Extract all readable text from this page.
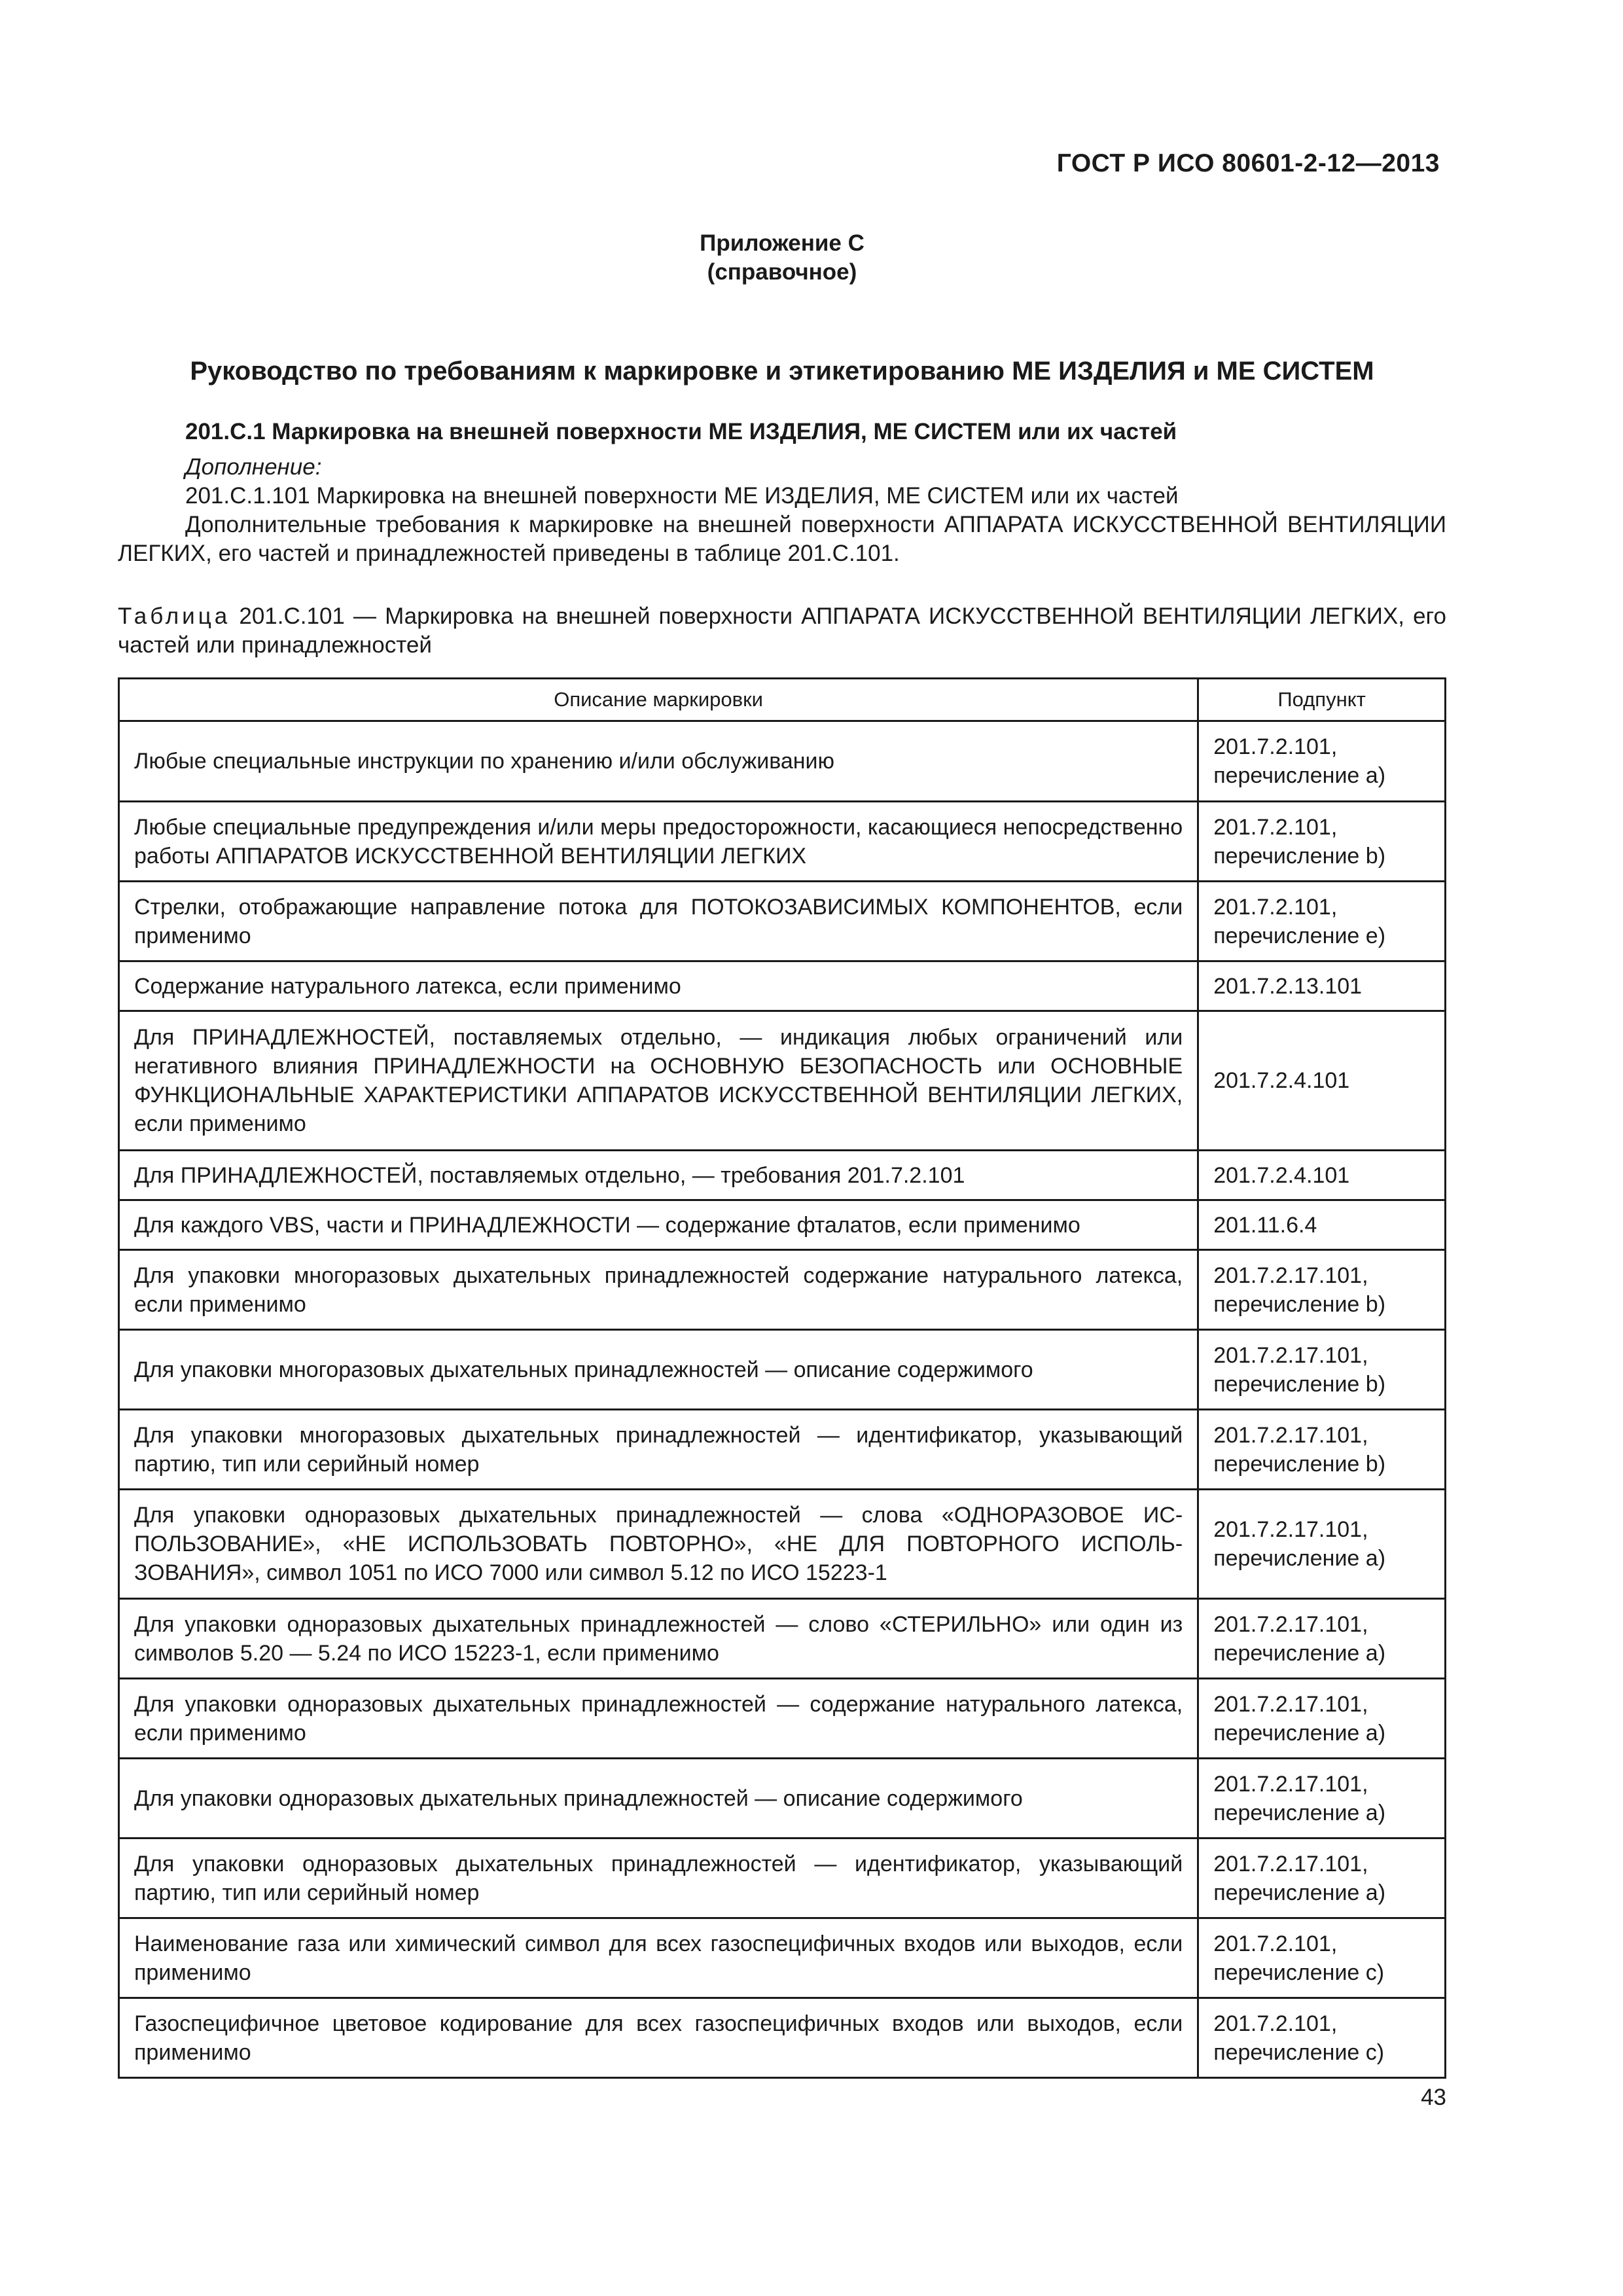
ГОСТ Р ИСО 80601-2-12—2013
Приложение С
(справочное)
Руководство по требованиям к маркировке и этикетированию МЕ ИЗДЕЛИЯ и МЕ СИСТЕМ
201.С.1 Маркировка на внешней поверхности МЕ ИЗДЕЛИЯ, МЕ СИСТЕМ или их частей
Дополнение:
201.С.1.101 Маркировка на внешней поверхности МЕ ИЗДЕЛИЯ, МЕ СИСТЕМ или их частей
Дополнительные требования к маркировке на внешней поверхности АППАРАТА ИСКУССТВЕННОЙ ВЕНТИЛЯЦИИ ЛЕГКИХ, его частей и принадлежностей приведены в таблице 201.С.101.
Таблица 201.С.101 — Маркировка на внешней поверхности АППАРАТА ИСКУССТВЕННОЙ ВЕНТИЛЯЦИИ ЛЕГКИХ, его частей или принадлежностей
Описание маркировки	Подпункт
Любые специальные инструкции по хранению и/или обслуживанию	201.7.2.101, перечисление а)
Любые специальные предупреждения и/или меры предосторожности, касающиеся непосредственно работы АППАРАТОВ ИСКУССТВЕННОЙ ВЕНТИЛЯЦИИ ЛЕГКИХ	201.7.2.101, перечисление b)
Стрелки, отображающие направление потока для ПОТОКОЗАВИСИМЫХ КОМПОНЕНТОВ, если применимо	201.7.2.101, перечисление е)
Содержание натурального латекса, если применимо	201.7.2.13.101
Для ПРИНАДЛЕЖНОСТЕЙ, поставляемых отдельно, — индикация любых ограничений или негативного влияния ПРИНАДЛЕЖНОСТИ на ОСНОВНУЮ БЕЗОПАСНОСТЬ или ОСНОВНЫЕ ФУНКЦИОНАЛЬНЫЕ ХАРАКТЕРИСТИКИ АППАРАТОВ ИСКУССТВЕННОЙ ВЕНТИЛЯЦИИ ЛЕГКИХ, если применимо	201.7.2.4.101
Для ПРИНАДЛЕЖНОСТЕЙ, поставляемых отдельно, — требования 201.7.2.101	201.7.2.4.101
Для каждого VBS, части и ПРИНАДЛЕЖНОСТИ — содержание фталатов, если применимо	201.11.6.4
Для упаковки многоразовых дыхательных принадлежностей содержание натурального латекса, если применимо	201.7.2.17.101, перечисление b)
Для упаковки многоразовых дыхательных принадлежностей — описание содержимого	201.7.2.17.101, перечисление b)
Для упаковки многоразовых дыхательных принадлежностей — идентификатор, указывающий партию, тип или серийный номер	201.7.2.17.101, перечисление b)
Для упаковки одноразовых дыхательных принадлежностей — слова «ОДНОРАЗОВОЕ ИСПОЛЬЗОВАНИЕ», «НЕ ИСПОЛЬЗОВАТЬ ПОВТОРНО», «НЕ ДЛЯ ПОВТОРНОГО ИСПОЛЬЗОВАНИЯ», символ 1051 по ИСО 7000 или символ 5.12 по ИСО 15223-1	201.7.2.17.101, перечисление а)
Для упаковки одноразовых дыхательных принадлежностей — слово «СТЕРИЛЬНО» или один из символов 5.20 — 5.24 по ИСО 15223-1, если применимо	201.7.2.17.101, перечисление а)
Для упаковки одноразовых дыхательных принадлежностей — содержание натурального латекса, если применимо	201.7.2.17.101, перечисление а)
Для упаковки одноразовых дыхательных принадлежностей — описание содержимого	201.7.2.17.101, перечисление а)
Для упаковки одноразовых дыхательных принадлежностей — идентификатор, указывающий партию, тип или серийный номер	201.7.2.17.101, перечисление а)
Наименование газа или химический символ для всех газоспецифичных входов или выходов, если применимо	201.7.2.101, перечисление с)
Газоспецифичное цветовое кодирование для всех газоспецифичных входов или выходов, если применимо	201.7.2.101, перечисление с)
43
